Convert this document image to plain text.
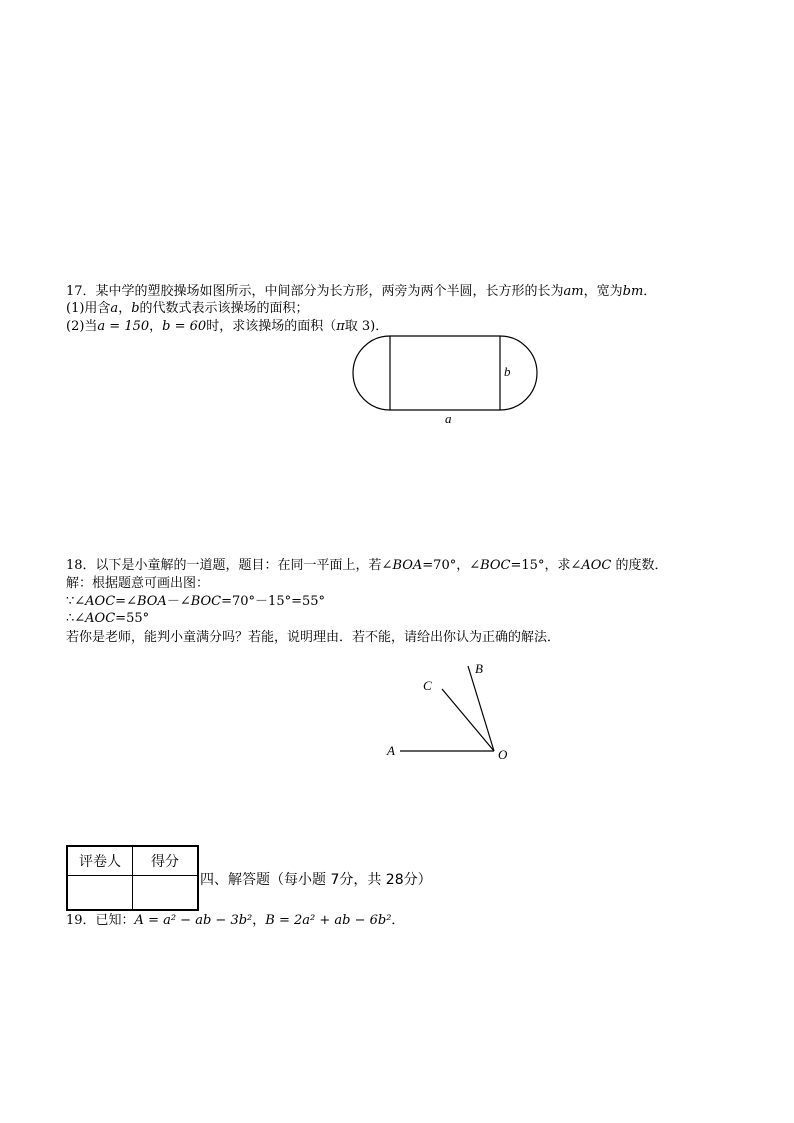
17．某中学的塑胶操场如图所示，中间部分为长方形，两旁为两个半圆，长方形的长为am，宽为bm．
(1)用含a，b的代数式表示该操场的面积；
(2)当a = 150，b = 60时，求该操场的面积（π取 3)．
b
a
18．以下是小童解的一道题，题目：在同一平面上，若∠BOA=70°，∠BOC=15°，求∠AOC 的度数．
解：根据题意可画出图：
∵∠AOC=∠BOA－∠BOC=70°－15°=55°
∴∠AOC=55°
若你是老师，能判小童满分吗？若能，说明理由．若不能，请给出你认为正确的解法．
A
C
B
O
评卷人	得分

四、解答题（每小题 7分，共 28分）
19．已知：A = a² − ab − 3b²，B = 2a² + ab − 6b²．
